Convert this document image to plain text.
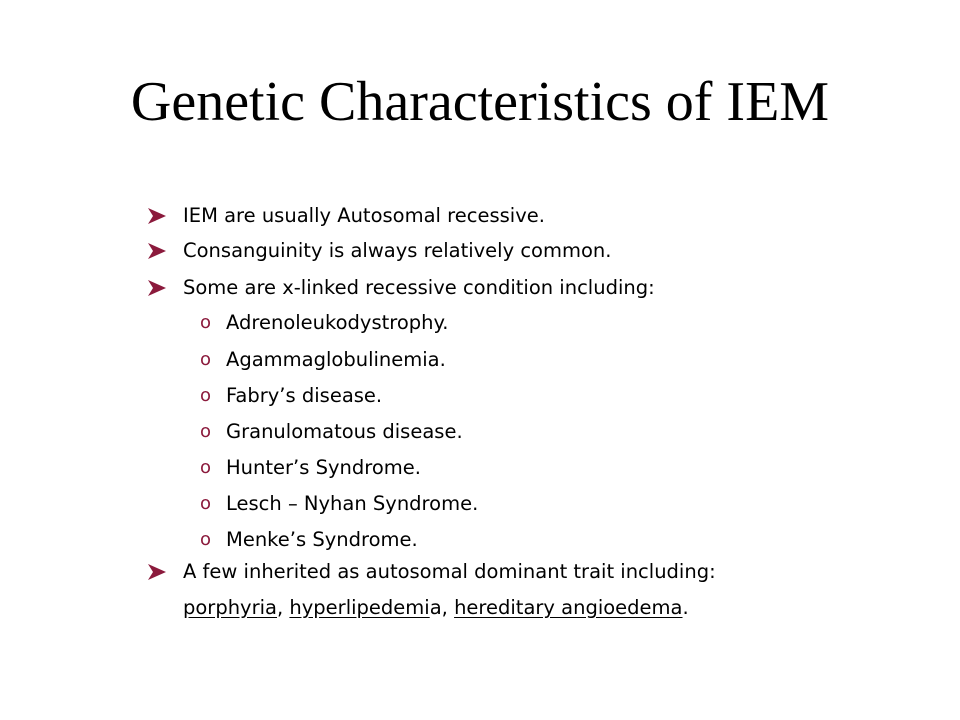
Genetic Characteristics of IEM
IEM are usually Autosomal recessive.
Consanguinity is always relatively common.
Some are x-linked recessive condition including:
o Adrenoleukodystrophy.
o Agammaglobulinemia.
o Fabry’s disease.
o Granulomatous disease.
o Hunter’s Syndrome.
o Lesch – Nyhan Syndrome.
o Menke’s Syndrome.
A few inherited as autosomal dominant trait including:
porphyria, hyperlipedemia, hereditary angioedema.
